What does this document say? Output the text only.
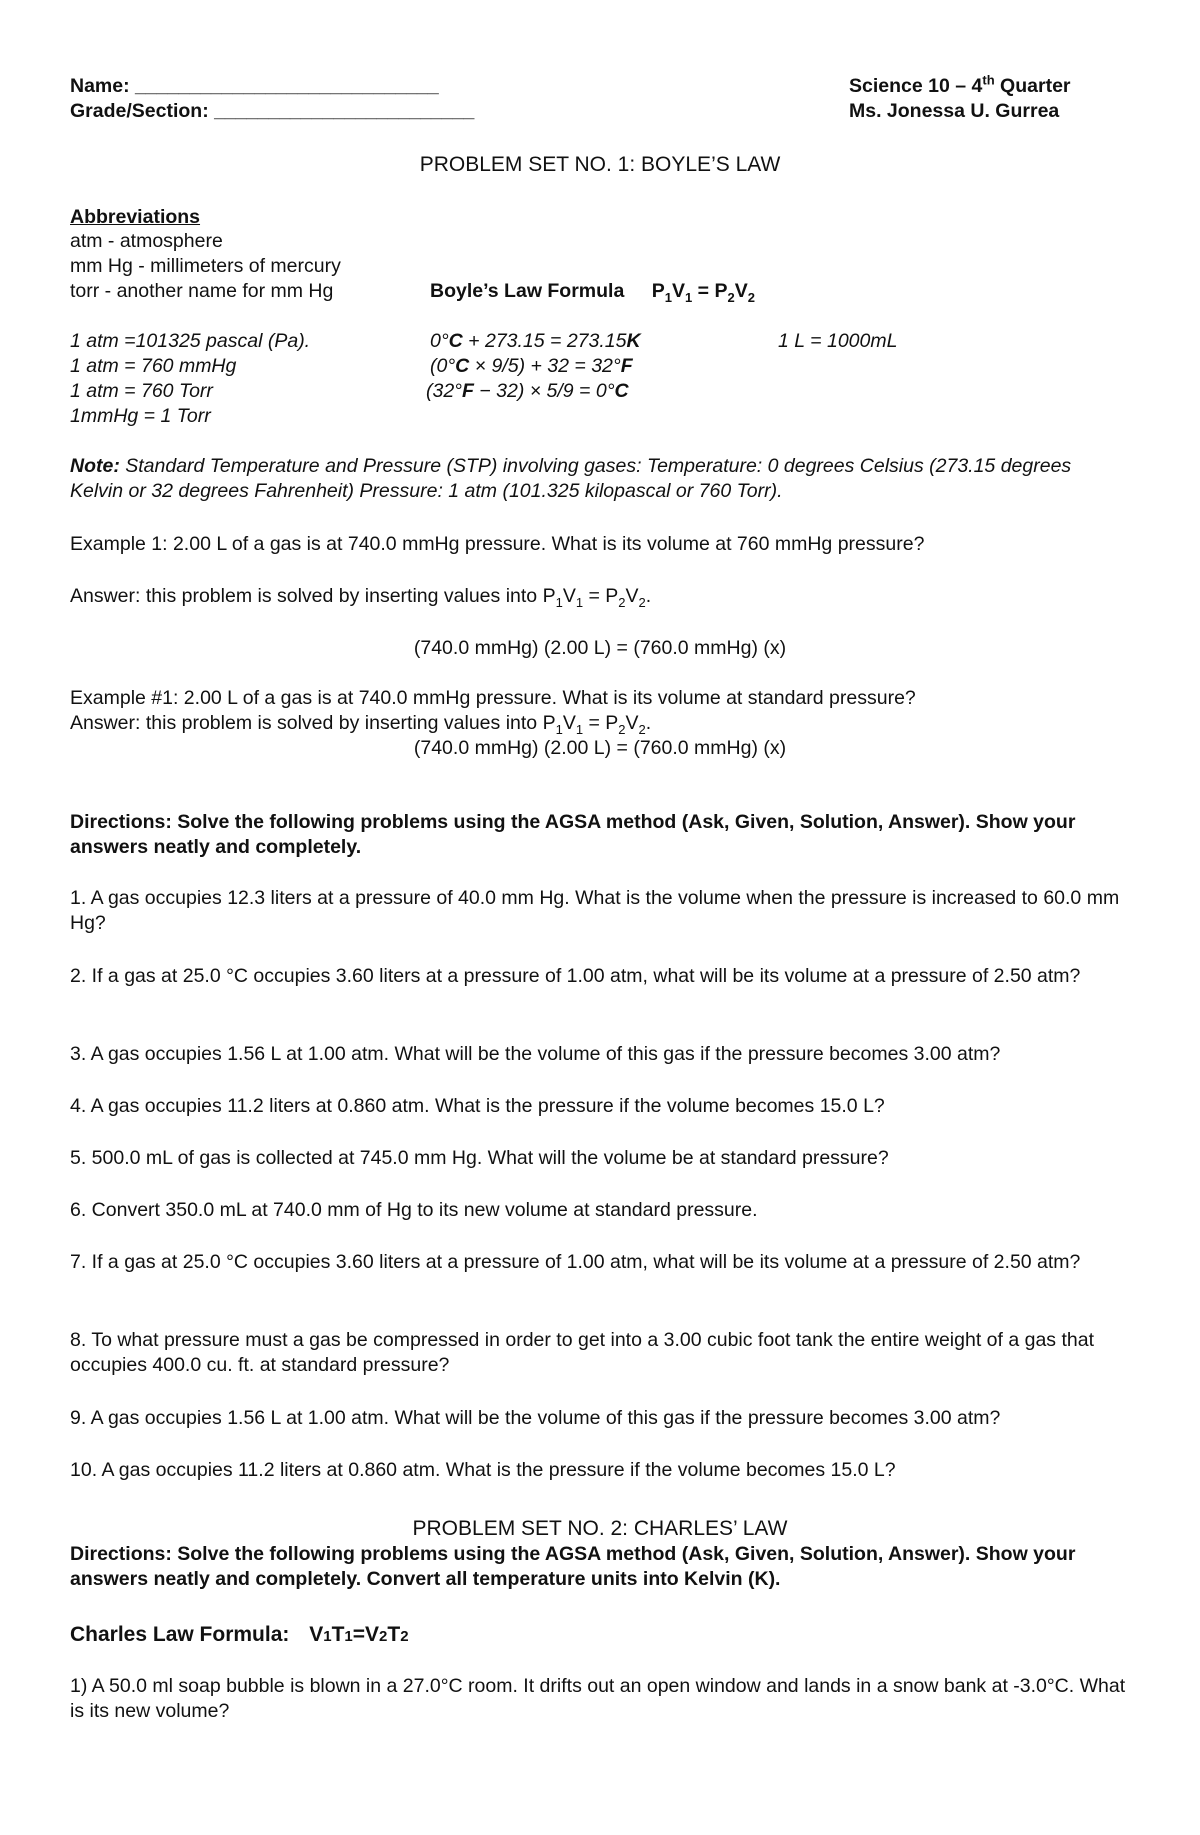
Name: ____________________________
Grade/Section: ________________________
Science 10 – 4th Quarter
Ms. Jonessa U. Gurrea
PROBLEM SET NO. 1: BOYLE’S LAW
Abbreviations
atm - atmosphere
mm Hg - millimeters of mercury
torr - another name for mm Hg	Boyle’s Law Formula $P_1V_1 = P_2V_2$
1 atm =101325 pascal (Pa).
1 atm = 760 mmHg
1 atm = 760 Torr
1mmHg = 1 Torr
0°C + 273.15 = 273.15K
(0°C × 9/5) + 32 = 32°F
(32°F − 32) × 5/9 = 0°C
1 L = 1000mL
Note: Standard Temperature and Pressure (STP) involving gases: Temperature: 0 degrees Celsius (273.15 degrees Kelvin or 32 degrees Fahrenheit) Pressure: 1 atm (101.325 kilopascal or 760 Torr).
Example 1: 2.00 L of a gas is at 740.0 mmHg pressure. What is its volume at 760 mmHg pressure?
Answer: this problem is solved by inserting values into $P_1V_1 = P_2V_2$.
(740.0 mmHg) (2.00 L) = (760.0 mmHg) (x)
Example #1: 2.00 L of a gas is at 740.0 mmHg pressure. What is its volume at standard pressure?
Answer: this problem is solved by inserting values into $P_1V_1 = P_2V_2$.
(740.0 mmHg) (2.00 L) = (760.0 mmHg) (x)
Directions: Solve the following problems using the AGSA method (Ask, Given, Solution, Answer). Show your answers neatly and completely.
1. A gas occupies 12.3 liters at a pressure of 40.0 mm Hg. What is the volume when the pressure is increased to 60.0 mm Hg?
2. If a gas at 25.0 °C occupies 3.60 liters at a pressure of 1.00 atm, what will be its volume at a pressure of 2.50 atm?
3. A gas occupies 1.56 L at 1.00 atm. What will be the volume of this gas if the pressure becomes 3.00 atm?
4. A gas occupies 11.2 liters at 0.860 atm. What is the pressure if the volume becomes 15.0 L?
5. 500.0 mL of gas is collected at 745.0 mm Hg. What will the volume be at standard pressure?
6. Convert 350.0 mL at 740.0 mm of Hg to its new volume at standard pressure.
7. If a gas at 25.0 °C occupies 3.60 liters at a pressure of 1.00 atm, what will be its volume at a pressure of 2.50 atm?
8. To what pressure must a gas be compressed in order to get into a 3.00 cubic foot tank the entire weight of a gas that occupies 400.0 cu. ft. at standard pressure?
9. A gas occupies 1.56 L at 1.00 atm. What will be the volume of this gas if the pressure becomes 3.00 atm?
10. A gas occupies 11.2 liters at 0.860 atm. What is the pressure if the volume becomes 15.0 L?
PROBLEM SET NO. 2: CHARLES’ LAW
Directions: Solve the following problems using the AGSA method (Ask, Given, Solution, Answer). Show your answers neatly and completely. Convert all temperature units into Kelvin (K).
Charles Law Formula: V1T1=V2T2
1) A 50.0 ml soap bubble is blown in a 27.0°C room. It drifts out an open window and lands in a snow bank at -3.0°C. What is its new volume?
